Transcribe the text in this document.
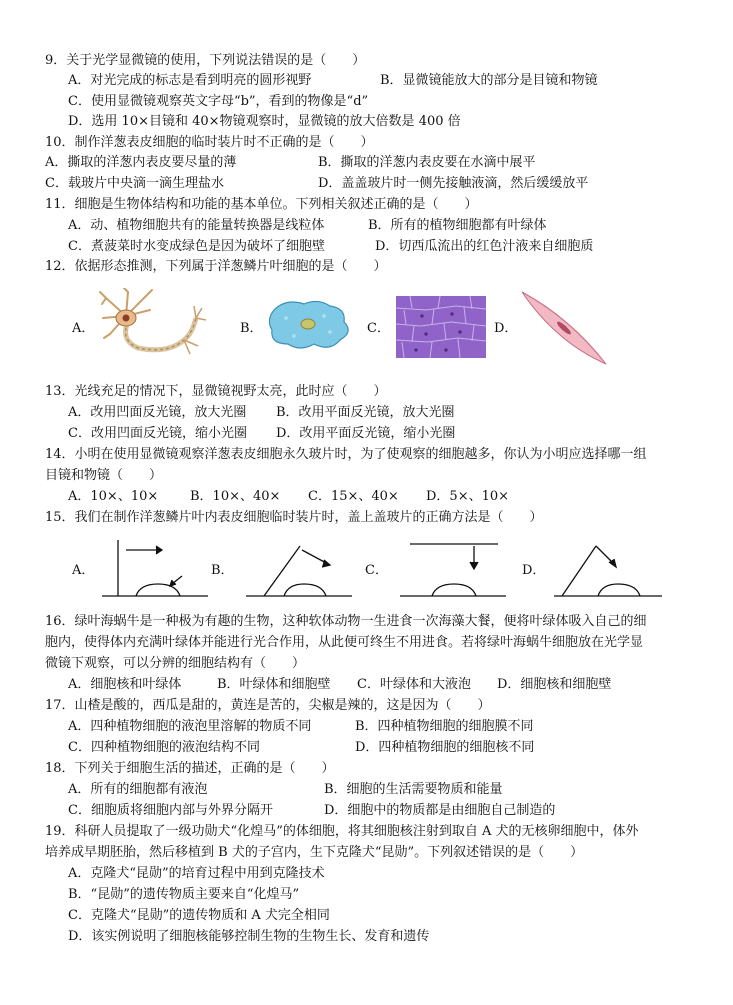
9．关于光学显微镜的使用，下列说法错误的是（　　）
A．对光完成的标志是看到明亮的圆形视野	B．显微镜能放大的部分是目镜和物镜
C．使用显微镜观察英文字母“b”，看到的物像是“d”
D．选用 10×目镜和 40×物镜观察时，显微镜的放大倍数是 400 倍
10．制作洋葱表皮细胞的临时装片时不正确的是（　　）
A．撕取的洋葱内表皮要尽量的薄	B．撕取的洋葱内表皮要在水滴中展平
C．载玻片中央滴一滴生理盐水	D．盖盖玻片时一侧先接触液滴，然后缓缓放平
11．细胞是生物体结构和功能的基本单位。下列相关叙述正确的是（　　）
A．动、植物细胞共有的能量转换器是线粒体	B．所有的植物细胞都有叶绿体
C．煮菠菜时水变成绿色是因为破坏了细胞壁	D．切西瓜流出的红色汁液来自细胞质
12．依据形态推测，下列属于洋葱鳞片叶细胞的是（　　）
A．	B．	C．	D．
13．光线充足的情况下，显微镜视野太亮，此时应（　　）
A．改用凹面反光镜，放大光圈 B．改用平面反光镜，放大光圈
C．改用凹面反光镜，缩小光圈 D．改用平面反光镜，缩小光圈
14．小明在使用显微镜观察洋葱表皮细胞永久玻片时，为了使观察的细胞越多，你认为小明应选择哪一组
目镜和物镜（　　）
A．10×、10× B．10×、40× C．15×、40× D．5×、10×
15．我们在制作洋葱鳞片叶内表皮细胞临时装片时，盖上盖玻片的正确方法是（　　）
A．	B．	C．	D．
16．绿叶海蜗牛是一种极为有趣的生物，这种软体动物一生进食一次海藻大餐，便将叶绿体吸入自己的细
胞内，使得体内充满叶绿体并能进行光合作用，从此便可终生不用进食。若将绿叶海蜗牛细胞放在光学显
微镜下观察，可以分辨的细胞结构有（　　）
A．细胞核和叶绿体	B．叶绿体和细胞壁 C．叶绿体和大液泡 D．细胞核和细胞壁
17．山楂是酸的，西瓜是甜的，黄连是苦的，尖椒是辣的，这是因为（　　）
A．四种植物细胞的液泡里溶解的物质不同	B．四种植物细胞的细胞膜不同
C．四种植物细胞的液泡结构不同	D．四种植物细胞的细胞核不同
18．下列关于细胞生活的描述，正确的是（　　）
A．所有的细胞都有液泡	B．细胞的生活需要物质和能量
C．细胞质将细胞内部与外界分隔开	D．细胞中的物质都是由细胞自己制造的
19．科研人员提取了一级功勋犬“化煌马”的体细胞，将其细胞核注射到取自 A 犬的无核卵细胞中，体外
培养成早期胚胎，然后移植到 B 犬的子宫内，生下克隆犬“昆勋”。下列叙述错误的是（　　）
A．克隆犬“昆勋”的培育过程中用到克隆技术
B．“昆勋”的遗传物质主要来自“化煌马”
C．克隆犬“昆勋”的遗传物质和 A 犬完全相同
D．该实例说明了细胞核能够控制生物的生物生长、发育和遗传
